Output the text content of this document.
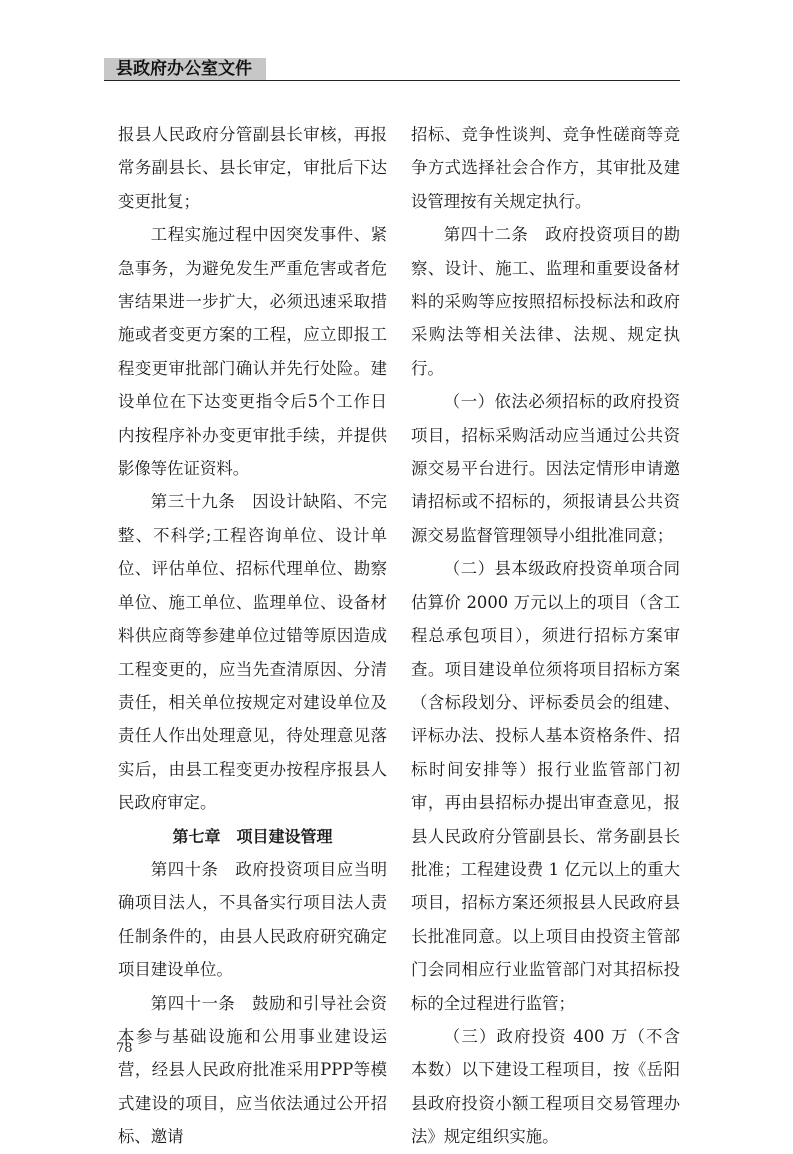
县政府办公室文件

报县人民政府分管副县长审核，再报常务副县长、县长审定，审批后下达变更批复；

工程实施过程中因突发事件、紧急事务，为避免发生严重危害或者危害结果进一步扩大，必须迅速采取措施或者变更方案的工程，应立即报工程变更审批部门确认并先行处险。建设单位在下达变更指令后5个工作日内按程序补办变更审批手续，并提供影像等佐证资料。

第三十九条　因设计缺陷、不完整、不科学;工程咨询单位、设计单位、评估单位、招标代理单位、勘察单位、施工单位、监理单位、设备材料供应商等参建单位过错等原因造成工程变更的，应当先查清原因、分清责任，相关单位按规定对建设单位及责任人作出处理意见，待处理意见落实后，由县工程变更办按程序报县人民政府审定。

第七章　项目建设管理

第四十条　政府投资项目应当明确项目法人，不具备实行项目法人责任制条件的，由县人民政府研究确定项目建设单位。

第四十一条　鼓励和引导社会资本参与基础设施和公用事业建设运营，经县人民政府批准采用PPP等模式建设的项目，应当依法通过公开招标、邀请

招标、竞争性谈判、竞争性磋商等竞争方式选择社会合作方，其审批及建设管理按有关规定执行。

第四十二条　政府投资项目的勘察、设计、施工、监理和重要设备材料的采购等应按照招标投标法和政府采购法等相关法律、法规、规定执行。

（一）依法必须招标的政府投资项目，招标采购活动应当通过公共资源交易平台进行。因法定情形申请邀请招标或不招标的，须报请县公共资源交易监督管理领导小组批准同意；

（二）县本级政府投资单项合同估算价 2000 万元以上的项目（含工程总承包项目），须进行招标方案审查。项目建设单位须将项目招标方案（含标段划分、评标委员会的组建、评标办法、投标人基本资格条件、招标时间安排等）报行业监管部门初审，再由县招标办提出审查意见，报县人民政府分管副县长、常务副县长批准；工程建设费 1 亿元以上的重大项目，招标方案还须报县人民政府县长批准同意。以上项目由投资主管部门会同相应行业监管部门对其招标投标的全过程进行监管；

（三）政府投资 400 万（不含本数）以下建设工程项目，按《岳阳县政府投资小额工程项目交易管理办法》规定组织实施。

78
